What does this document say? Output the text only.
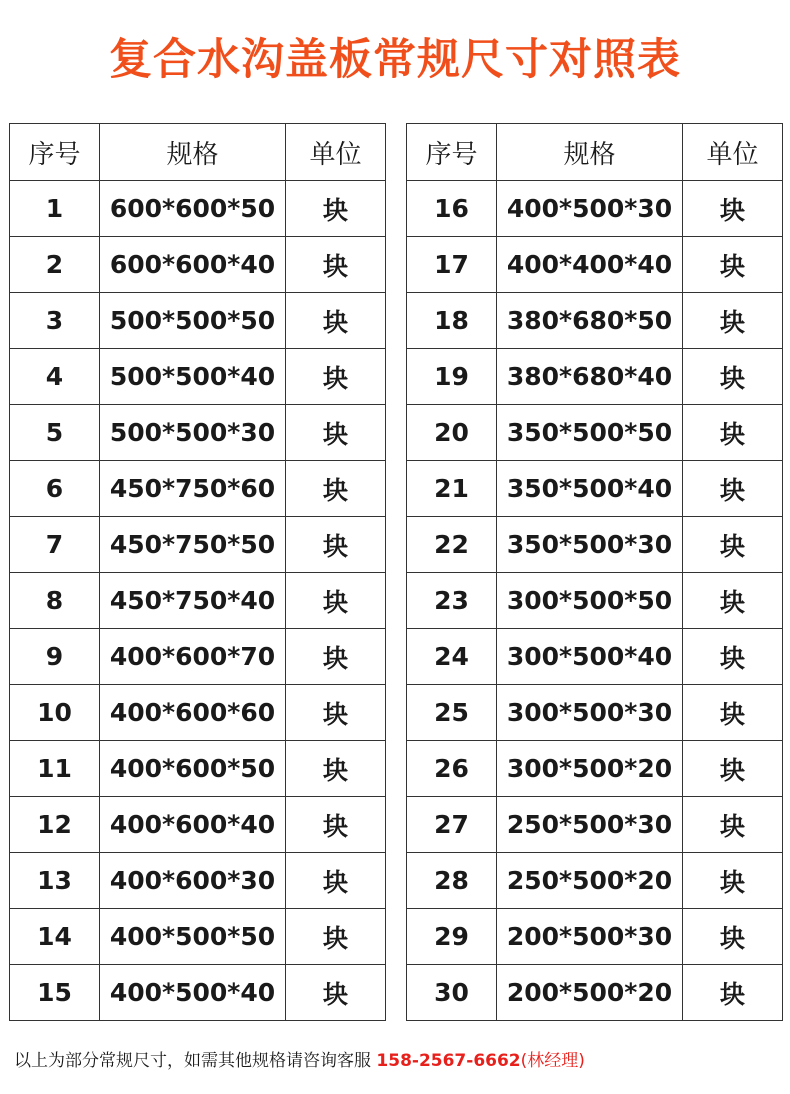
复合水沟盖板常规尺寸对照表
序号	规格	单位
1	600*600*50	块
2	600*600*40	块
3	500*500*50	块
4	500*500*40	块
5	500*500*30	块
6	450*750*60	块
7	450*750*50	块
8	450*750*40	块
9	400*600*70	块
10	400*600*60	块
11	400*600*50	块
12	400*600*40	块
13	400*600*30	块
14	400*500*50	块
15	400*500*40	块
序号	规格	单位
16	400*500*30	块
17	400*400*40	块
18	380*680*50	块
19	380*680*40	块
20	350*500*50	块
21	350*500*40	块
22	350*500*30	块
23	300*500*50	块
24	300*500*40	块
25	300*500*30	块
26	300*500*20	块
27	250*500*30	块
28	250*500*20	块
29	200*500*30	块
30	200*500*20	块
以上为部分常规尺寸，如需其他规格请咨询客服 158-2567-6662(林经理)
